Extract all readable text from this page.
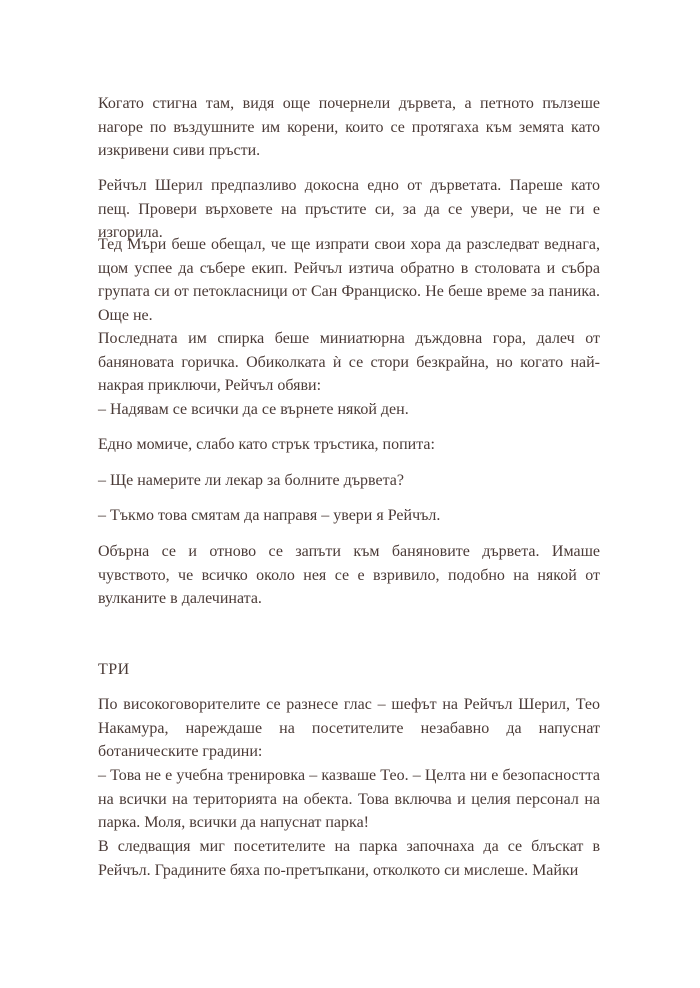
Когато стигна там, видя още почернели дървета, а петното пълзеше нагоре по въздушните им корени, които се протягаха към земята като изкривени сиви пръсти.

Рейчъл Шерил предпазливо докосна едно от дърветата. Пареше като пещ. Провери върховете на пръстите си, за да се увери, че не ги е изгорила.

Тед Мъри беше обещал, че ще изпрати свои хора да разследват веднага, щом успее да събере екип. Рейчъл изтича обратно в столовата и събра групата си от петокласници от Сан Франциско. Не беше време за паника. Още не.

Последната им спирка беше миниатюрна дъждовна гора, далеч от баняновата горичка. Обиколката ѝ се стори безкрайна, но когато най-накрая приключи, Рейчъл обяви:

– Надявам се всички да се върнете някой ден.

Едно момиче, слабо като стрък тръстика, попита:

– Ще намерите ли лекар за болните дървета?

– Тъкмо това смятам да направя – увери я Рейчъл.

Обърна се и отново се запъти към баняновите дървета. Имаше чувството, че всичко около нея се е взривило, подобно на някой от вулканите в далечината.

ТРИ

По високоговорителите се разнесе глас – шефът на Рейчъл Шерил, Тео Накамура, нареждаше на посетителите незабавно да напуснат ботаническите градини:

– Това не е учебна тренировка – казваше Тео. – Целта ни е безопасността на всички на територията на обекта. Това включва и целия персонал на парка. Моля, всички да напуснат парка!

В следващия миг посетителите на парка започнаха да се блъскат в Рейчъл. Градините бяха по-претъпкани, отколкото си мислеше. Майки
